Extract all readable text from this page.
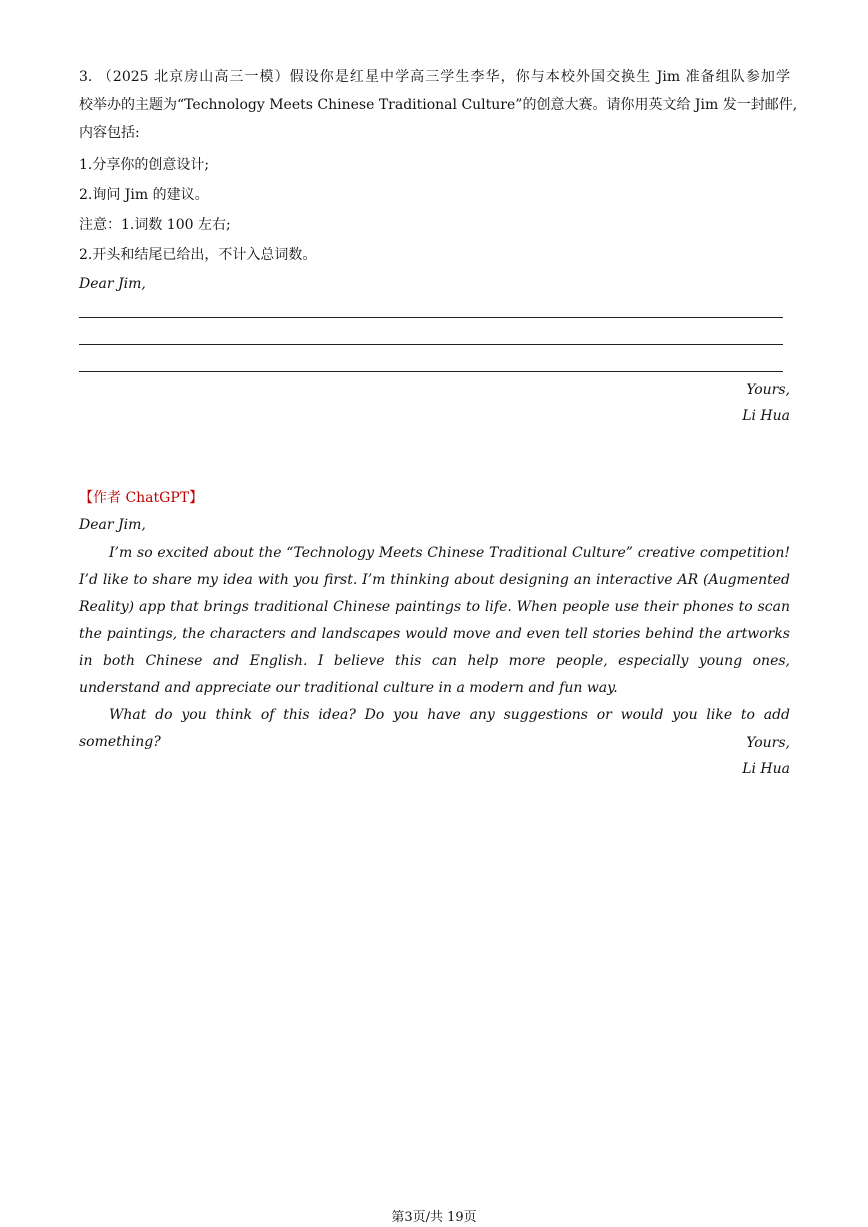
3. （2025 北京房山高三一模）假设你是红星中学高三学生李华，你与本校外国交换生 Jim 准备组队参加学
校举办的主题为“Technology Meets Chinese Traditional Culture”的创意大赛。请你用英文给 Jim 发一封邮件,
内容包括:
1.分享你的创意设计;
2.询问 Jim 的建议。
注意：1.词数 100 左右;
2.开头和结尾已给出，不计入总词数。
Dear Jim,
Yours,
Li Hua
【作者 ChatGPT】
Dear Jim,

I’m so excited about the “Technology Meets Chinese Traditional Culture” creative competition! I’d like to share my idea with you first. I’m thinking about designing an interactive AR (Augmented Reality) app that brings traditional Chinese paintings to life. When people use their phones to scan the paintings, the characters and landscapes would move and even tell stories behind the artworks in both Chinese and English. I believe this can help more people, especially young ones, understand and appreciate our traditional culture in a modern and fun way.

What do you think of this idea? Do you have any suggestions or would you like to add something?	Yours,
Li Hua
第3页/共 19页
